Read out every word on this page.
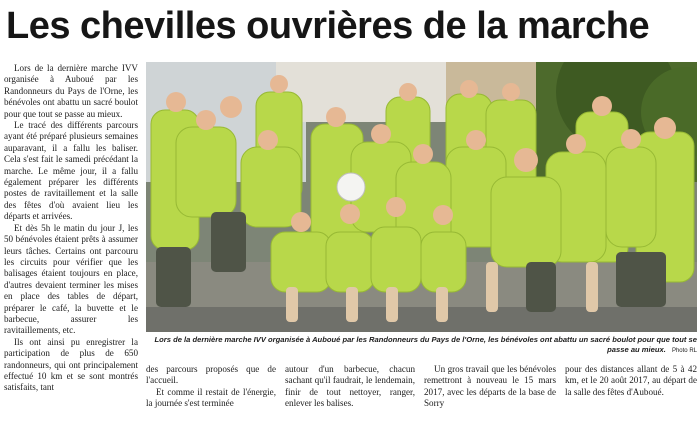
Les chevilles ouvrières de la marche

Lors de la dernière marche IVV organisée à Auboué par les Randonneurs du Pays de l'Orne, les bénévoles ont abattu un sacré boulot pour que tout se passe au mieux.

Le tracé des différents parcours ayant été préparé plusieurs semaines auparavant, il a fallu les baliser. Cela s'est fait le samedi précédant la marche. Le même jour, il a fallu également préparer les différents postes de ravitaillement et la salle des fêtes d'où avaient lieu les départs et arrivées.

Et dès 5h le matin du jour J, les 50 bénévoles étaient prêts à assumer leurs tâches. Certains ont parcouru les circuits pour vérifier que les balisages étaient toujours en place, d'autres devaient terminer les mises en place des tables de départ, préparer le café, la buvette et le barbecue, assurer les ravitaillements, etc.

Ils ont ainsi pu enregistrer la participation de plus de 650 randonneurs, qui ont principalement effectué 10 km et se sont montrés satisfaits, tant

Lors de la dernière marche IVV organisée à Auboué par les Randonneurs du Pays de l'Orne, les bénévoles ont abattu un sacré boulot pour que tout se passe au mieux. Photo RL

des parcours proposés que de l'accueil.

Et comme il restait de l'énergie, la journée s'est terminée

autour d'un barbecue, chacun sachant qu'il faudrait, le lendemain, finir de tout nettoyer, ranger, enlever les balises.

Un gros travail que les bénévoles remettront à nouveau le 15 mars 2017, avec les départs de la base de Sorry

pour des distances allant de 5 à 42 km, et le 20 août 2017, au départ de la salle des fêtes d'Auboué.
